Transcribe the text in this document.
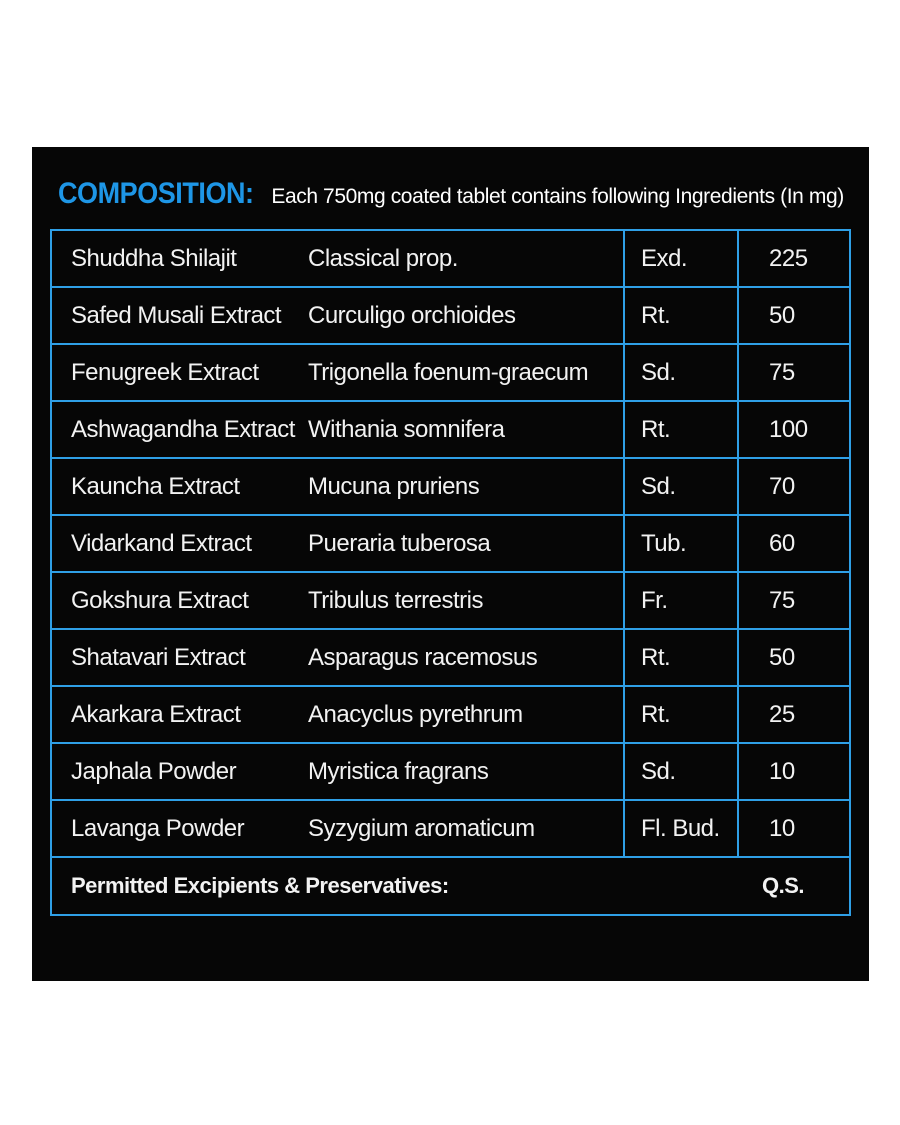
COMPOSITION: Each 750mg coated tablet contains following Ingredients (In mg)
Shuddha Shilajit	Classical prop.	Exd.	225
Safed Musali Extract	Curculigo orchioides	Rt.	50
Fenugreek Extract	Trigonella foenum-graecum	Sd.	75
Ashwagandha Extract	Withania somnifera	Rt.	100
Kauncha Extract	Mucuna pruriens	Sd.	70
Vidarkand Extract	Pueraria tuberosa	Tub.	60
Gokshura Extract	Tribulus terrestris	Fr.	75
Shatavari Extract	Asparagus racemosus	Rt.	50
Akarkara Extract	Anacyclus pyrethrum	Rt.	25
Japhala Powder	Myristica fragrans	Sd.	10
Lavanga Powder	Syzygium aromaticum	Fl. Bud.	10
Permitted Excipients & Preservatives:			Q.S.
